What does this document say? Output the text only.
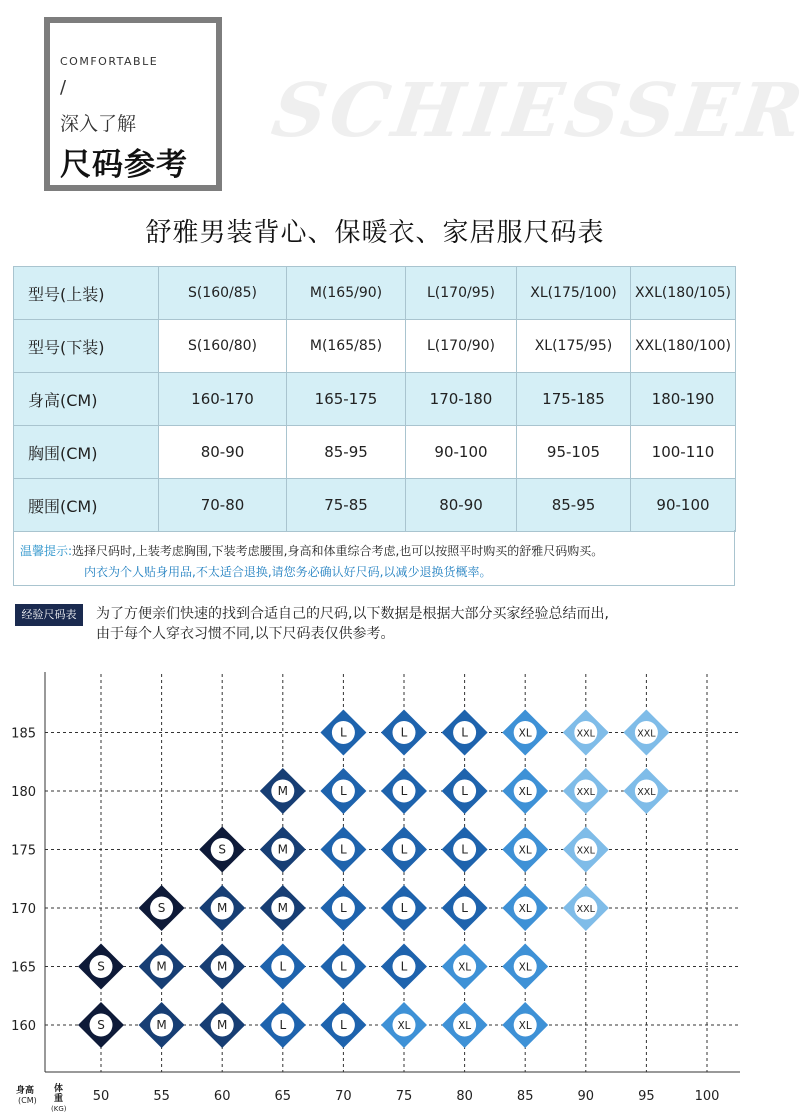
COMFORTABLE
/
深入了解
尺码参考
SCHIESSER
舒雅男装背心、保暖衣、家居服尺码表
型号(上装)	S(160/85)	M(165/90)	L(170/95)	XL(175/100)	XXL(180/105)
型号(下装)	S(160/80)	M(165/85)	L(170/90)	XL(175/95)	XXL(180/100)
身高(CM)	160-170	165-175	170-180	175-185	180-190
胸围(CM)	80-90	85-95	90-100	95-105	100-110
腰围(CM)	70-80	75-85	80-90	85-95	90-100
温馨提示:选择尺码时,上装考虑胸围,下装考虑腰围,身高和体重综合考虑,也可以按照平时购买的舒雅尺码购买。
内衣为个人贴身用品,不太适合退换,请您务必确认好尺码,以减少退换货概率。
经验尺码表	为了方便亲们快速的找到合适自己的尺码,以下数据是根据大部分买家经验总结而出,
由于每个人穿衣习惯不同,以下尺码表仅供参考。
160
165
170
175
180
185
50	55	60	65	70	75	80	85	90	95	100
身高
(CM)
体
重
(KG)
L	L	L	XL	XXL	XXL
M	L	L	L	XL	XXL	XXL
S	M	L	L	L	XL	XXL
S	M	M	L	L	L	XL	XXL
S	M	M	L	L	L	XL	XL
S	M	M	L	L	XL	XL	XL
